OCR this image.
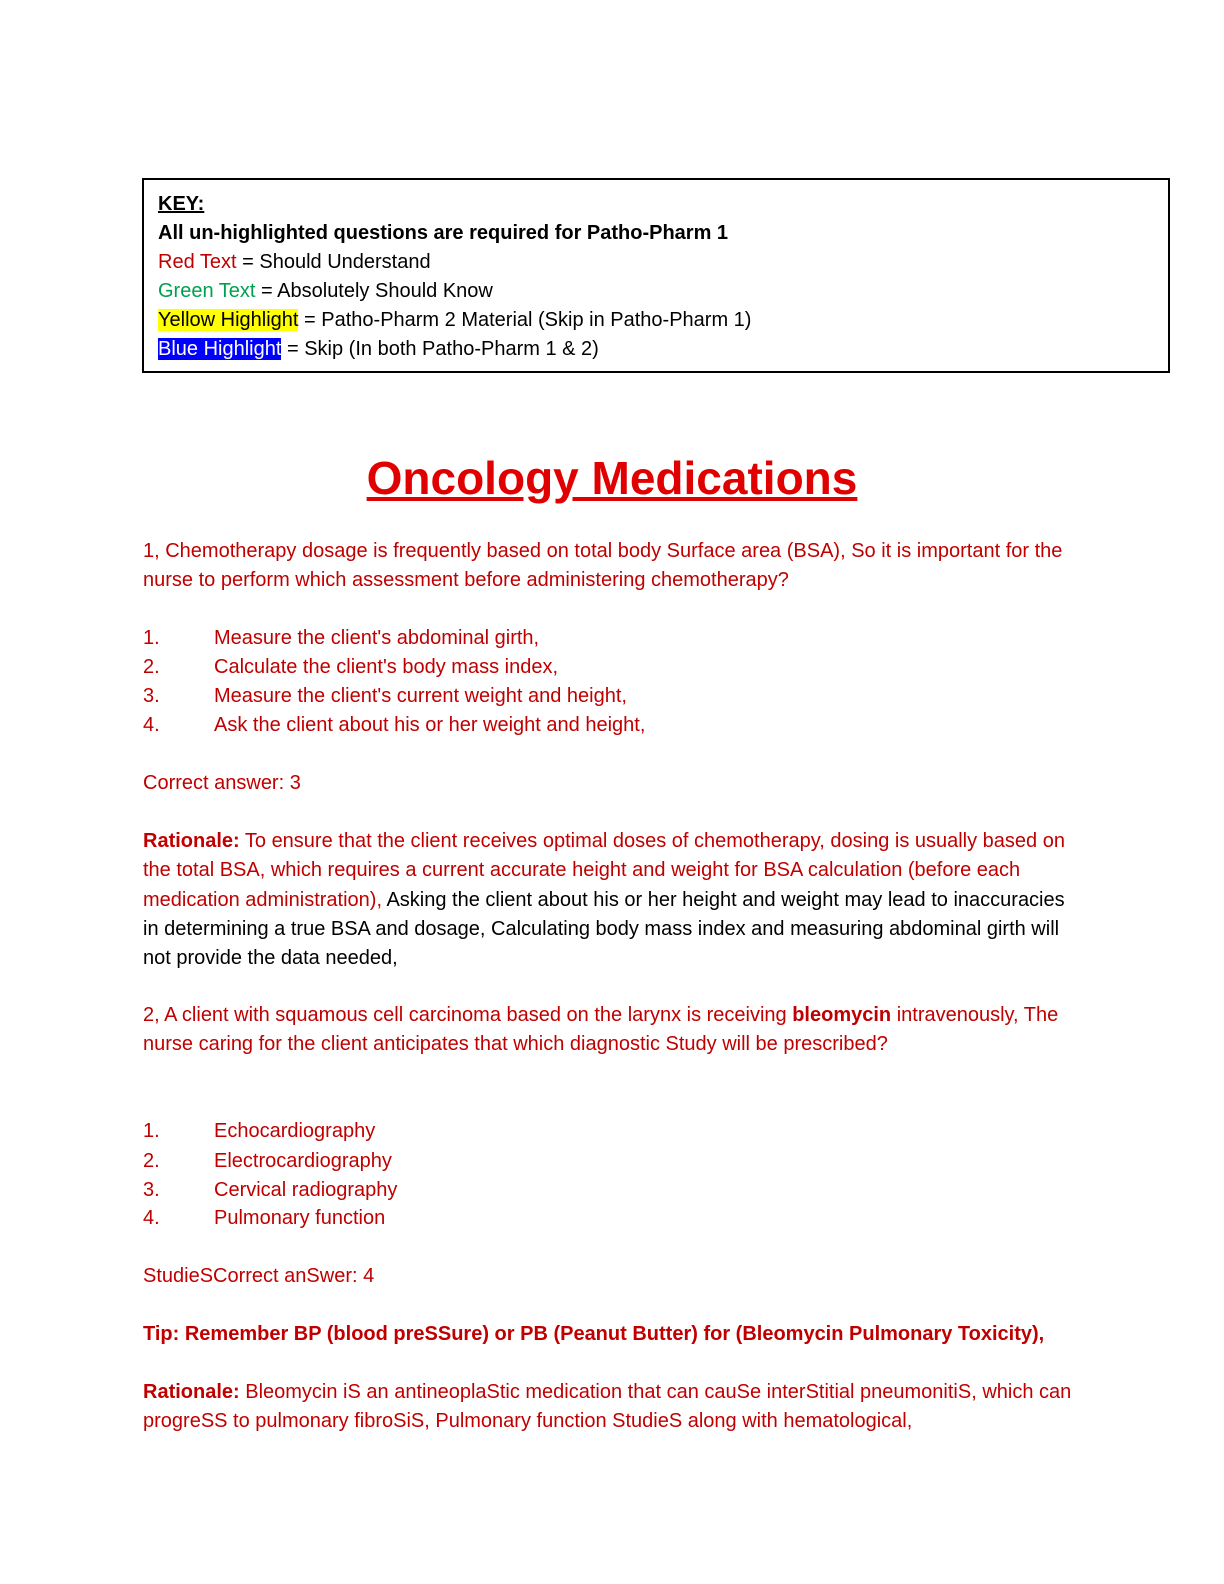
KEY:
All un-highlighted questions are required for Patho-Pharm 1
Red Text = Should Understand
Green Text = Absolutely Should Know
Yellow Highlight = Patho-Pharm 2 Material (Skip in Patho-Pharm 1)
Blue Highlight = Skip (In both Patho-Pharm 1 & 2)
Oncology Medications
1, Chemotherapy dosage is frequently based on total body Surface area (BSA), So it is important for the nurse to perform which assessment before administering chemotherapy?
1.	Measure the client's abdominal girth,
2.	Calculate the client's body mass index,
3.	Measure the client's current weight and height,
4.	Ask the client about his or her weight and height,
Correct answer: 3
Rationale: To ensure that the client receives optimal doses of chemotherapy, dosing is usually based on the total BSA, which requires a current accurate height and weight for BSA calculation (before each medication administration), Asking the client about his or her height and weight may lead to inaccuracies in determining a true BSA and dosage, Calculating body mass index and measuring abdominal girth will not provide the data needed,
2, A client with squamous cell carcinoma based on the larynx is receiving bleomycin intravenously, The nurse caring for the client anticipates that which diagnostic Study will be prescribed?
1.	Echocardiography
2.	Electrocardiography
3.	Cervical radiography
4.	Pulmonary function
StudieSCorrect anSwer: 4
Tip: Remember BP (blood preSSure) or PB (Peanut Butter) for (Bleomycin Pulmonary Toxicity),
Rationale: Bleomycin iS an antineoplaStic medication that can cauSe interStitial pneumonitiS, which can progreSS to pulmonary fibroSiS, Pulmonary function StudieS along with hematological,
